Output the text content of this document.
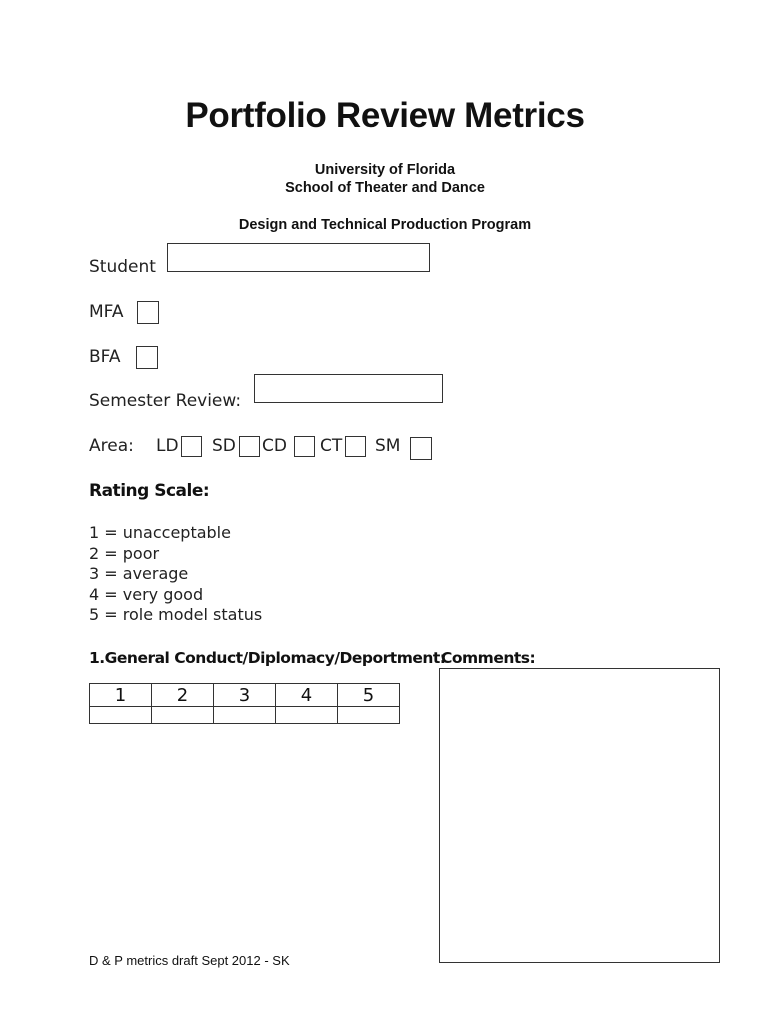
Portfolio Review Metrics
University of Florida
School of Theater and Dance
Design and Technical Production Program
Student
MFA
BFA
Semester Review:
Area: LD SD CD CT SM
Rating Scale:
1 = unacceptable
2 = poor
3 = average
4 = very good
5 = role model status
1.General Conduct/Diplomacy/Deportment:
Comments:
1	2	3	4	5

D & P metrics draft Sept 2012 - SK
